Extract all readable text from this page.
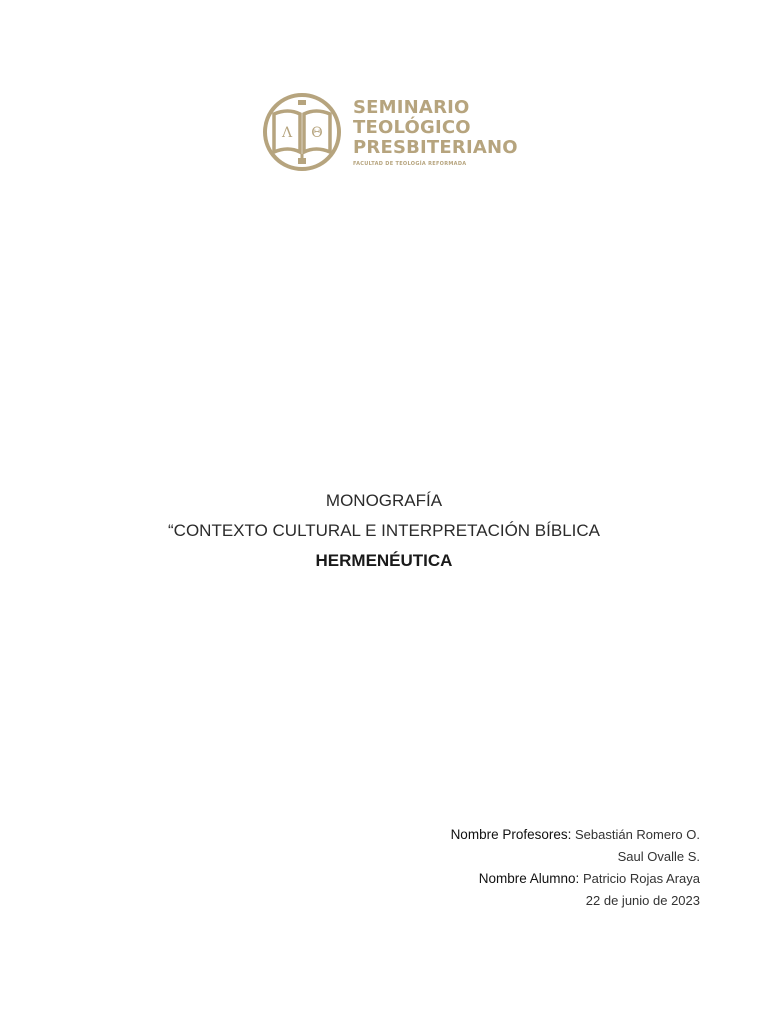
Λ Θ
SEMINARIO
TEOLÓGICO
PRESBITERIANO
FACULTAD DE TEOLOGÍA REFORMADA
MONOGRAFÍA
“CONTEXTO CULTURAL E INTERPRETACIÓN BÍBLICA
HERMENÉUTICA
Nombre Profesores: Sebastián Romero O.
Saul Ovalle S.
Nombre Alumno: Patricio Rojas Araya
22 de junio de 2023
